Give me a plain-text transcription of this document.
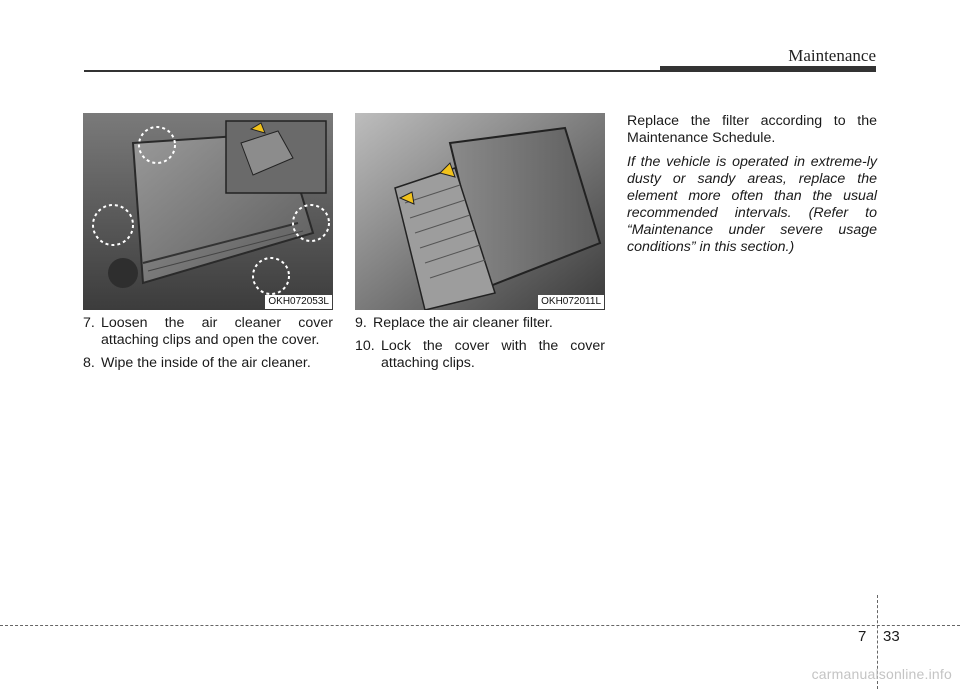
Maintenance
OKH072053L	OKH072011L
7. Loosen the air cleaner cover attaching clips and open the cover.
8. Wipe the inside of the air cleaner.
9. Replace the air cleaner filter.
10. Lock the cover with the cover attaching clips.

Replace the filter according to the Maintenance Schedule.

If the vehicle is operated in extreme-ly dusty or sandy areas, replace the element more often than the usual recommended intervals. (Refer to “Maintenance under severe usage conditions” in this section.)

7 33
carmanualsonline.info
